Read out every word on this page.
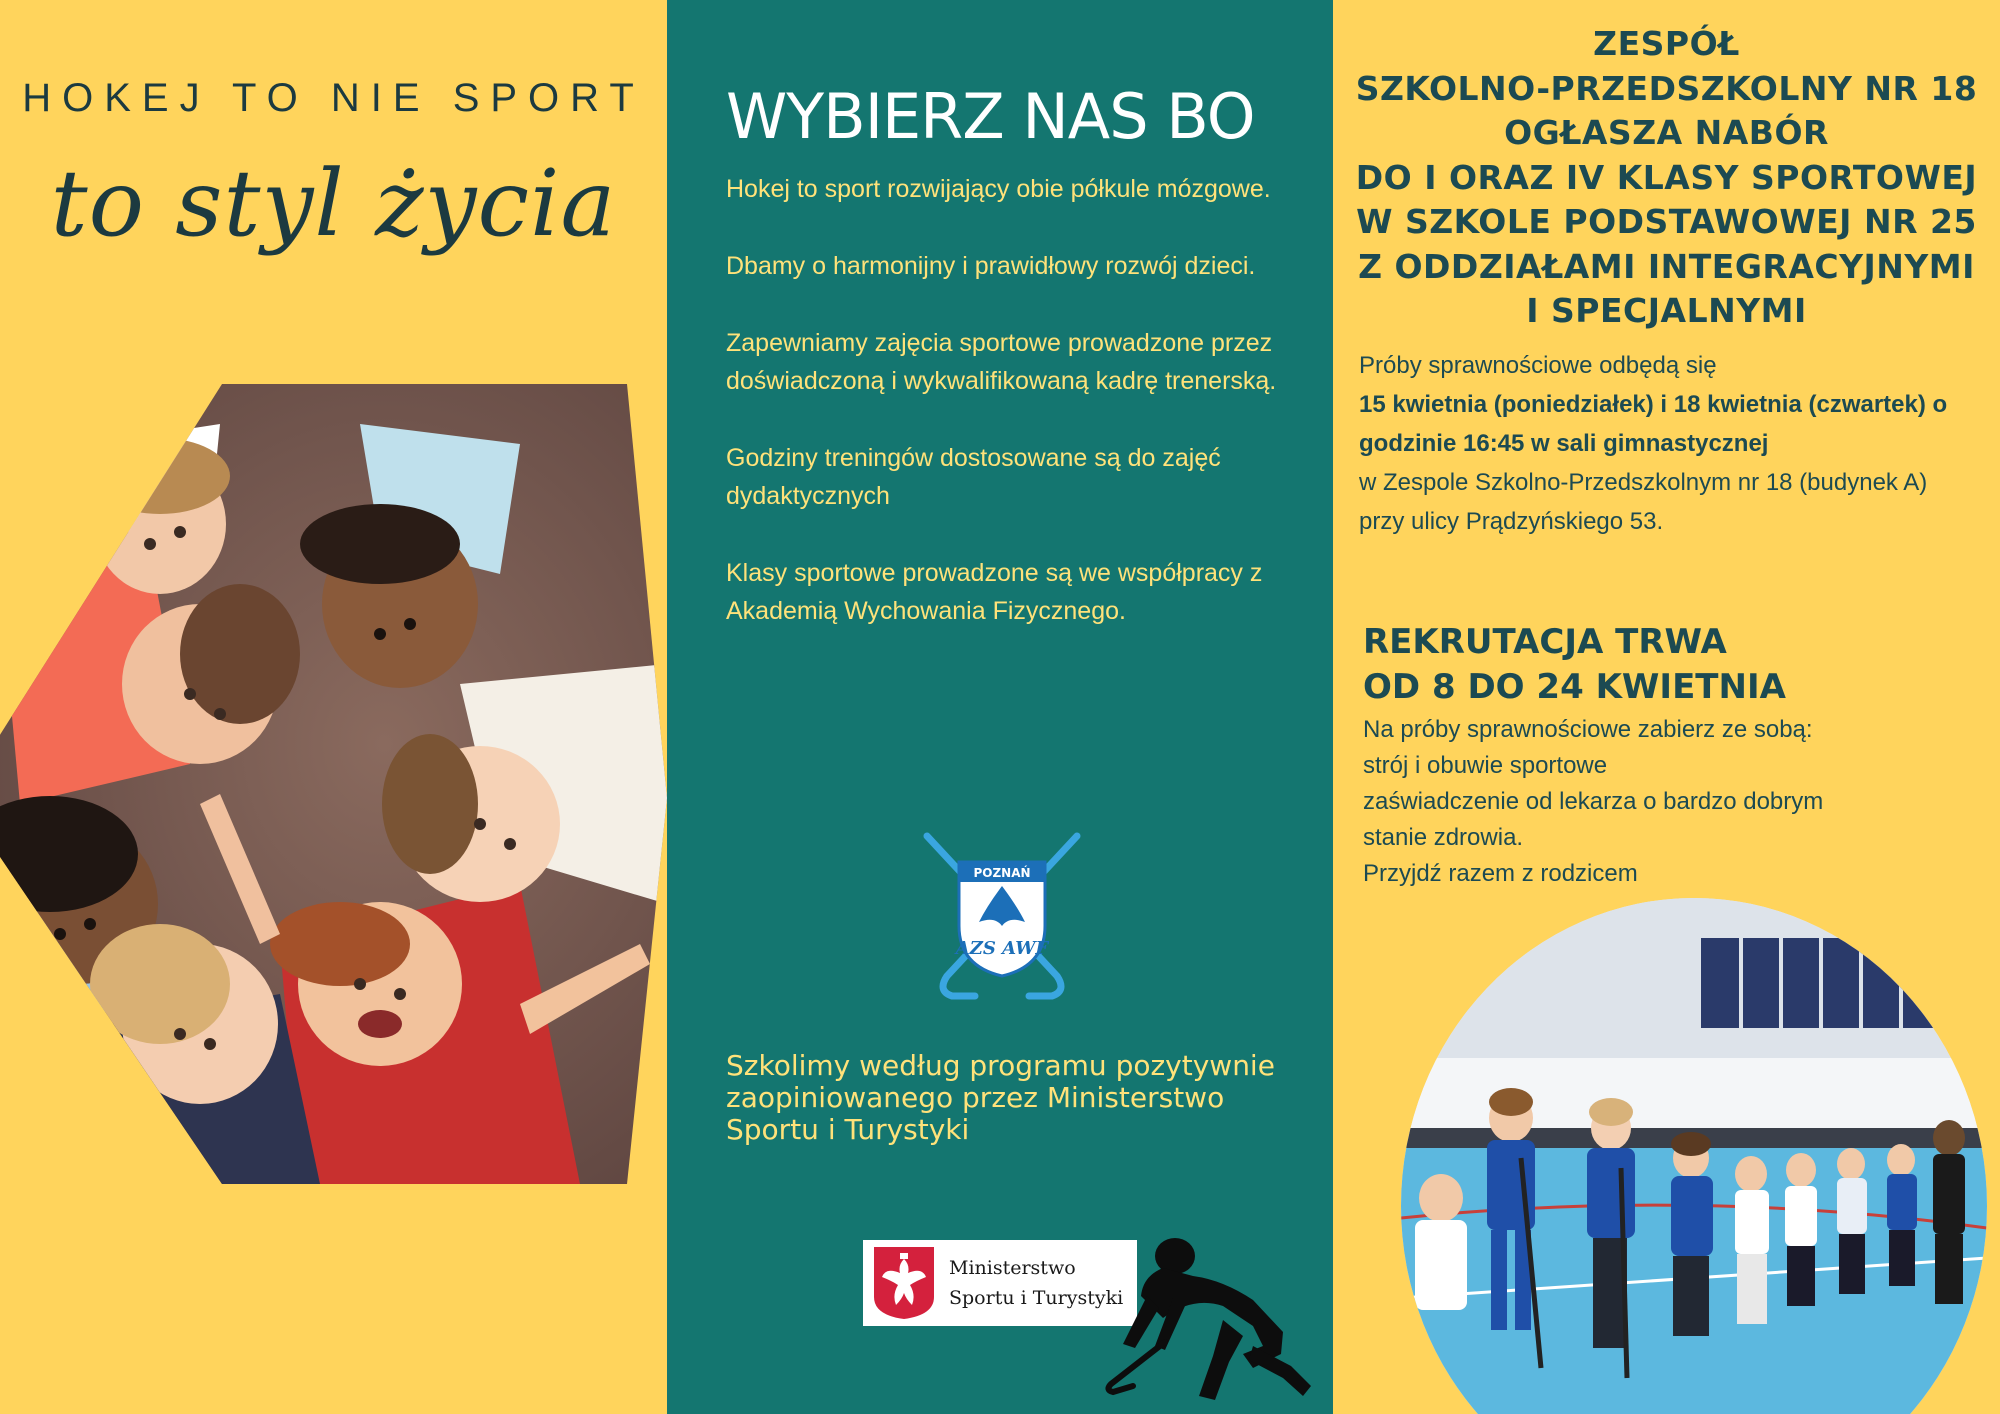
HOKEJ TO NIE SPORT
to styl życia
WYBIERZ NAS BO
Hokej to sport rozwijający obie półkule mózgowe.
Dbamy o harmonijny i prawidłowy rozwój dzieci.
Zapewniamy zajęcia sportowe prowadzone przez doświadczoną i wykwalifikowaną kadrę trenerską.
Godziny treningów dostosowane są do zajęć dydaktycznych
Klasy sportowe prowadzone są we współpracy z Akademią Wychowania Fizycznego.
POZNAŃ
AZS AWF

Szkolimy według programu pozytywnie zaopiniowanego przez Ministerstwo Sportu i Turystyki

Ministerstwo
Sportu i Turystyki
ZESPÓŁ
SZKOLNO-PRZEDSZKOLNY NR 18
OGŁASZA NABÓR
DO I ORAZ IV KLASY SPORTOWEJ
W SZKOLE PODSTAWOWEJ NR 25
Z ODDZIAŁAMI INTEGRACYJNYMI
I SPECJALNYMI
Próby sprawnościowe odbędą się
15 kwietnia (poniedziałek) i 18 kwietnia (czwartek) o godzinie 16:45 w sali gimnastycznej
w Zespole Szkolno-Przedszkolnym nr 18 (budynek A) przy ulicy Prądzyńskiego 53.
REKRUTACJA TRWA
OD 8 DO 24 KWIETNIA
Na próby sprawnościowe zabierz ze sobą:
strój i obuwie sportowe
zaświadczenie od lekarza o bardzo dobrym
stanie zdrowia.
Przyjdź razem z rodzicem
